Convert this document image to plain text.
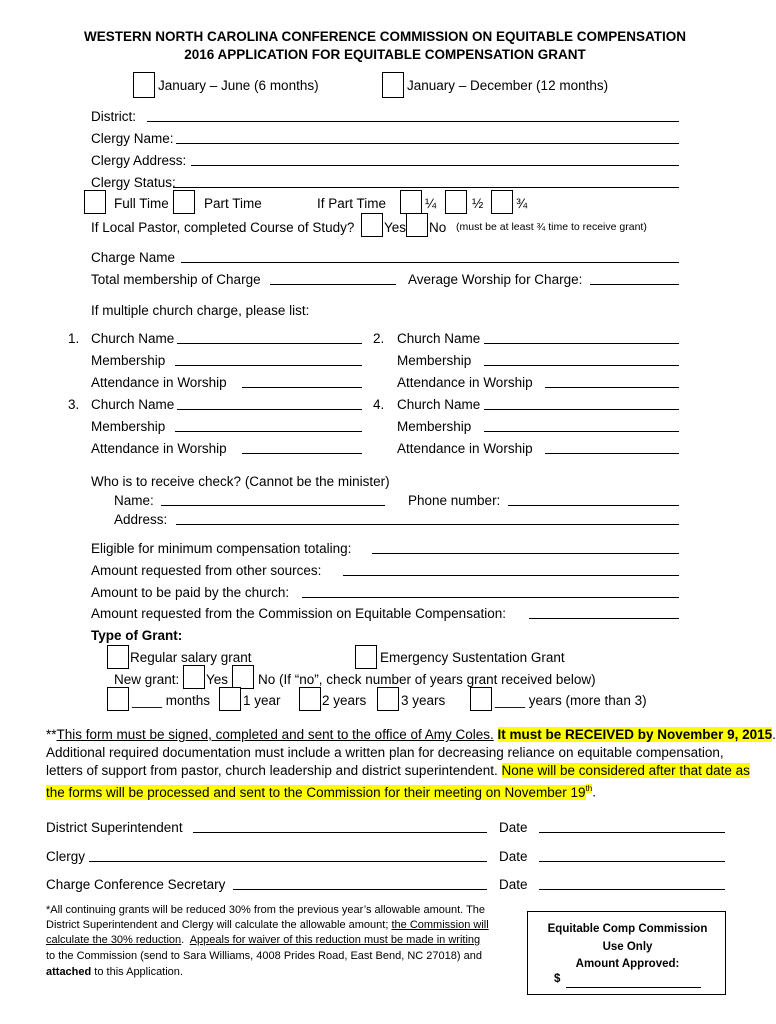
WESTERN NORTH CAROLINA CONFERENCE COMMISSION ON EQUITABLE COMPENSATION
2016 APPLICATION FOR EQUITABLE COMPENSATION GRANT
January – June (6 months)	January – December (12 months)
District:
Clergy Name:
Clergy Address:
Clergy Status:
Full Time	Part Time	If Part Time	¼	½ ¾
If Local Pastor, completed Course of Study? Yes No (must be at least ¾ time to receive grant)
Charge Name
Total membership of Charge	Average Worship for Charge:
If multiple church charge, please list:
1. Church Name
Membership
Attendance in Worship
2. Church Name
Membership
Attendance in Worship
3. Church Name
Membership
Attendance in Worship
4. Church Name
Membership
Attendance in Worship
Who is to receive check? (Cannot be the minister)
Name:	Phone number:
Address:
Eligible for minimum compensation totaling:
Amount requested from other sources:
Amount to be paid by the church:
Amount requested from the Commission on Equitable Compensation:
Type of Grant:
Regular salary grant	Emergency Sustentation Grant
New grant: Yes No (If “no”, check number of years grant received below)
____ months 1 year	2 years	3 years	____ years (more than 3)
**This form must be signed, completed and sent to the office of Amy Coles. It must be RECEIVED by November 9, 2015.
Additional required documentation must include a written plan for decreasing reliance on equitable compensation,
letters of support from pastor, church leadership and district superintendent. None will be considered after that date as
the forms will be processed and sent to the Commission for their meeting on November 19th.
District Superintendent	Date
Clergy	Date
Charge Conference Secretary	Date
*All continuing grants will be reduced 30% from the previous year’s allowable amount. The
District Superintendent and Clergy will calculate the allowable amount; the Commission will
calculate the 30% reduction.  Appeals for waiver of this reduction must be made in writing
to the Commission (send to Sara Williams, 4008 Prides Road, East Bend, NC 27018) and
attached to this Application.
Equitable Comp Commission
Use Only
Amount Approved:
$
